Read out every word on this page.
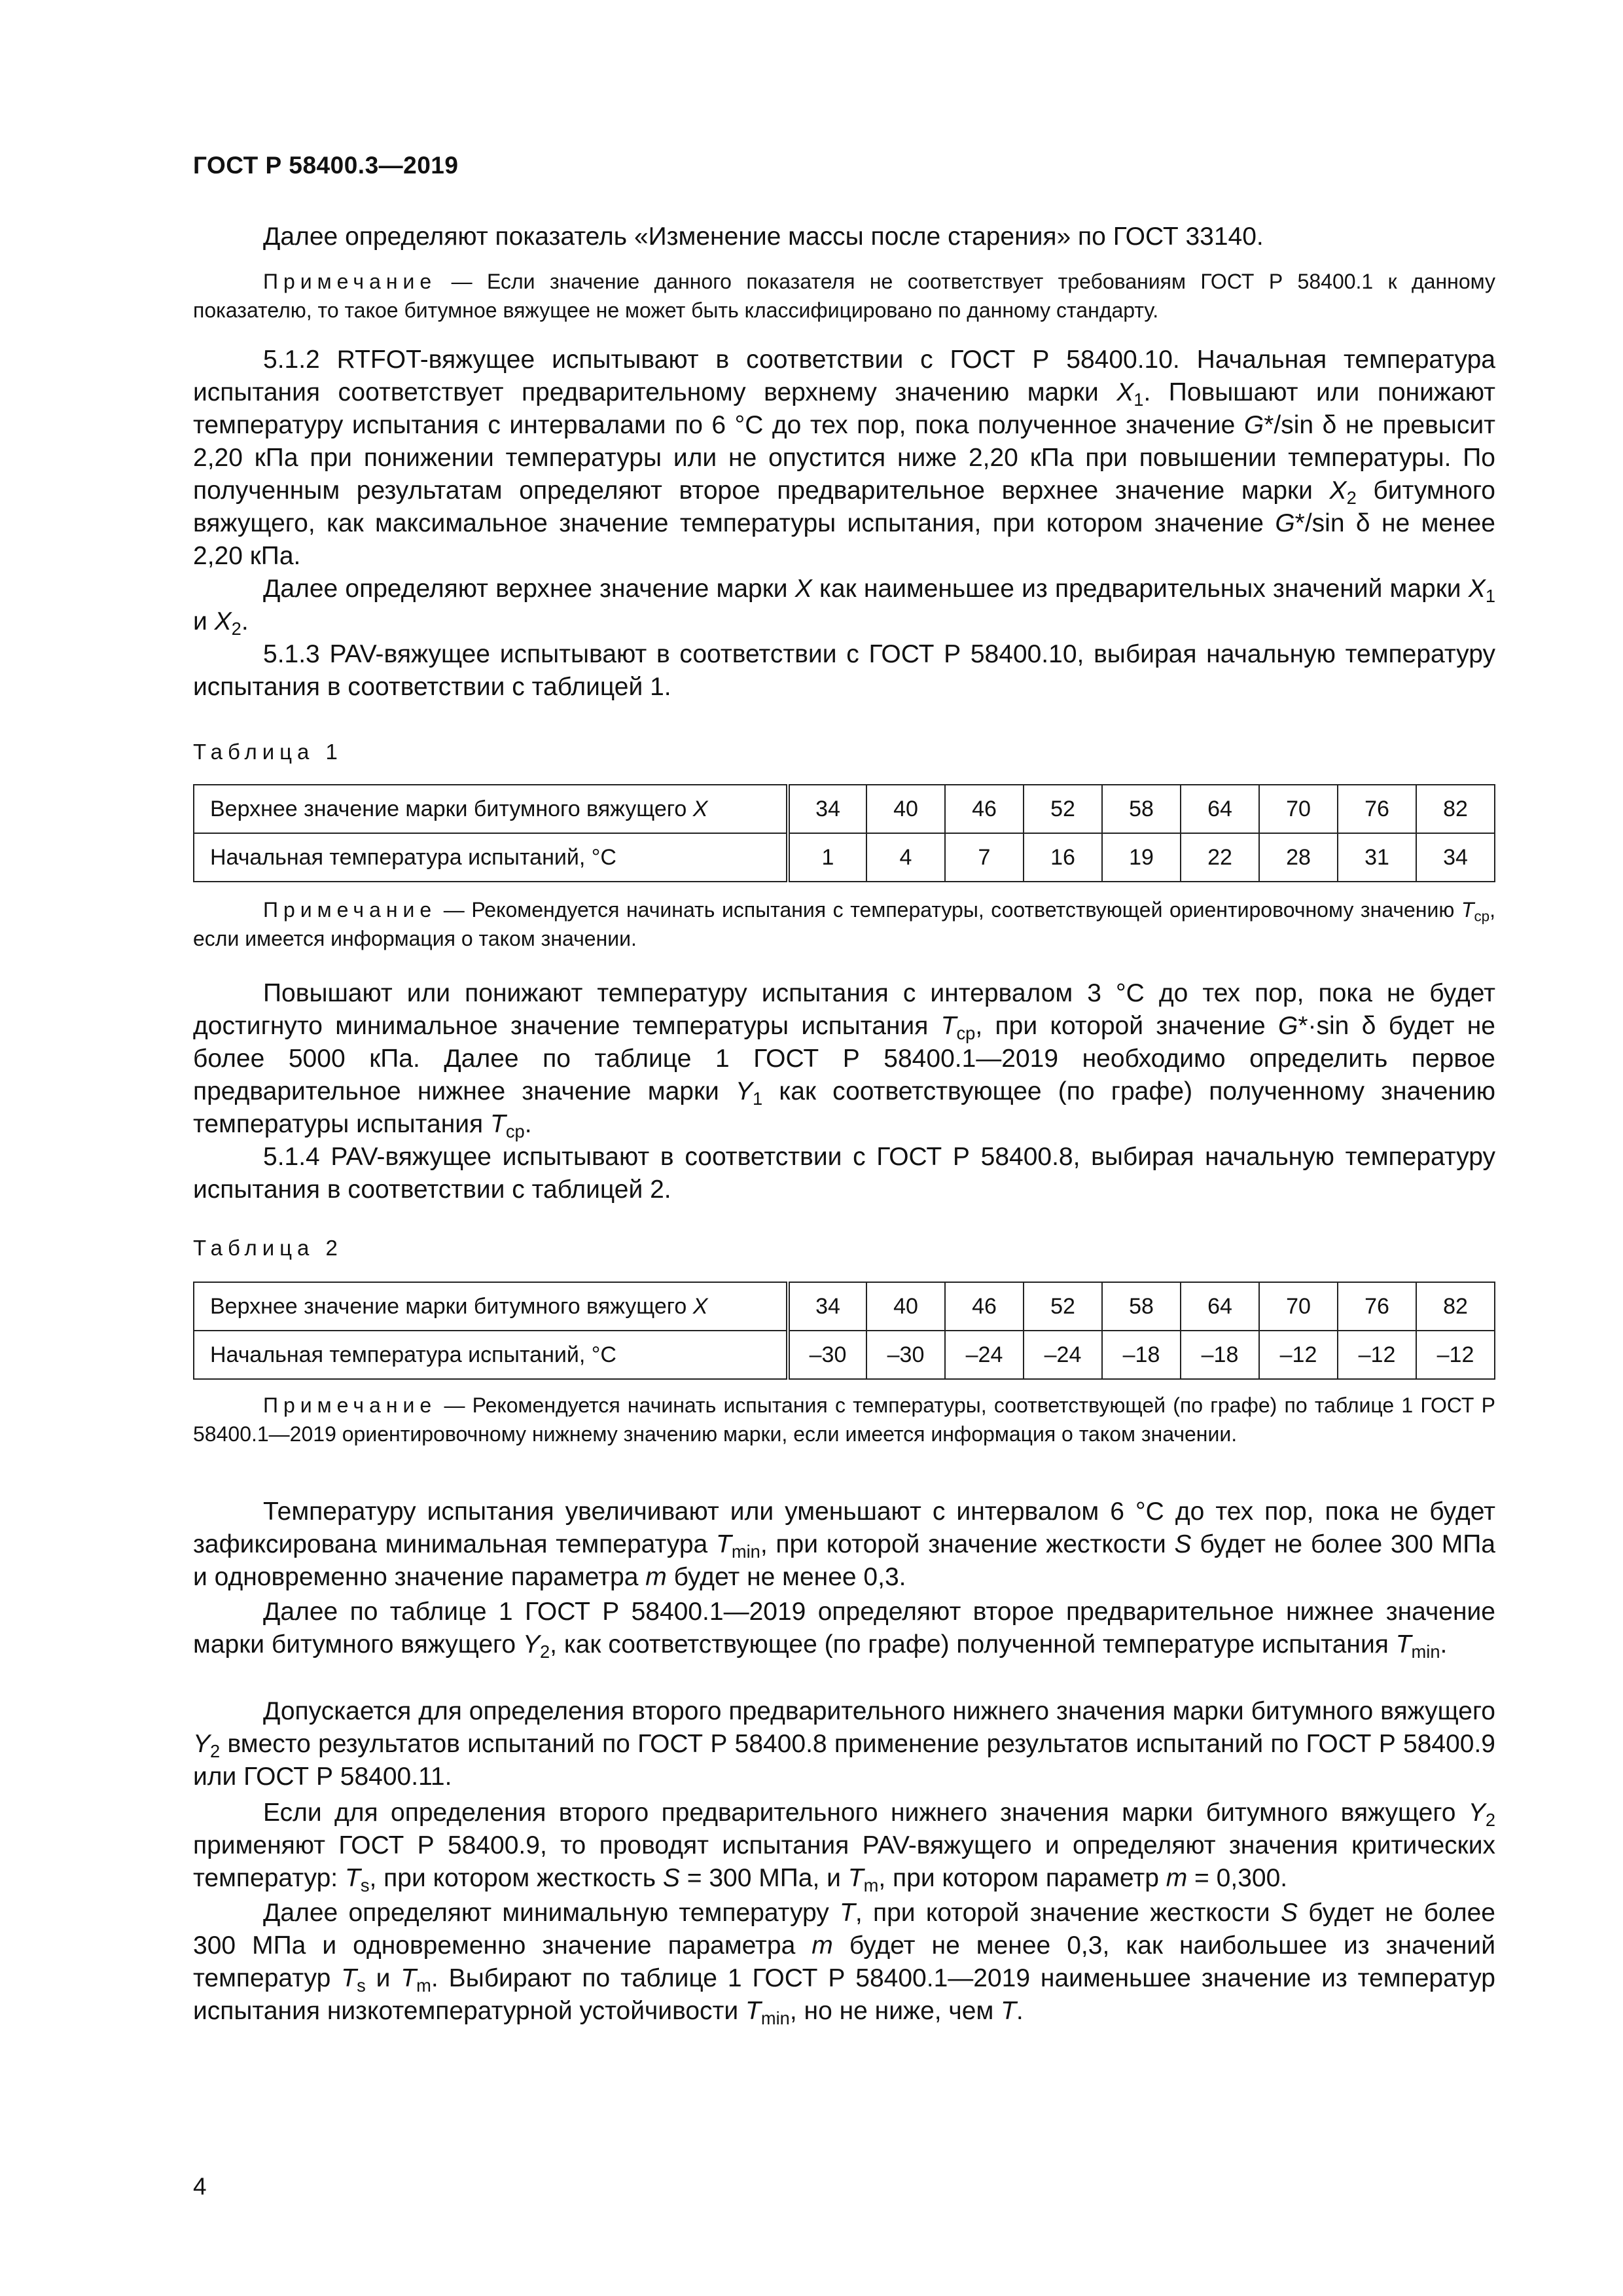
ГОСТ Р 58400.3—2019
Далее определяют показатель «Изменение массы после старения» по ГОСТ 33140.
Примечание — Если значение данного показателя не соответствует требованиям ГОСТ Р 58400.1 к данному показателю, то такое битумное вяжущее не может быть классифицировано по данному стандарту.
5.1.2 RTFOT-вяжущее испытывают в соответствии с ГОСТ Р 58400.10. Начальная температура испытания соответствует предварительному верхнему значению марки $X_1$. Повышают или понижают температуру испытания с интервалами по 6 °С до тех пор, пока полученное значение G*/sin δ не превысит 2,20 кПа при понижении температуры или не опустится ниже 2,20 кПа при повышении температуры. По полученным результатам определяют второе предварительное верхнее значение марки $X_2$ битумного вяжущего, как максимальное значение температуры испытания, при котором значение G*/sin δ не менее 2,20 кПа.
Далее определяют верхнее значение марки X как наименьшее из предварительных значений марки $X_1$ и $X_2$.
5.1.3 PAV-вяжущее испытывают в соответствии с ГОСТ Р 58400.10, выбирая начальную температуру испытания в соответствии с таблицей 1.
Таблица 1
Верхнее значение марки битумного вяжущего X	34	40	46	52	58	64	70	76	82
Начальная температура испытаний, °С	1	4	7	16	19	22	28	31	34
Примечание — Рекомендуется начинать испытания с температуры, соответствующей ориентировочному значению $T_{ср}$, если имеется информация о таком значении.
Повышают или понижают температуру испытания с интервалом 3 °С до тех пор, пока не будет достигнуто минимальное значение температуры испытания $T_{ср}$, при которой значение G*·sin δ будет не более 5000 кПа. Далее по таблице 1 ГОСТ Р 58400.1—2019 необходимо определить первое предварительное нижнее значение марки $Y_1$ как соответствующее (по графе) полученному значению температуры испытания $T_{ср}$.
5.1.4 PAV-вяжущее испытывают в соответствии с ГОСТ Р 58400.8, выбирая начальную температуру испытания в соответствии с таблицей 2.
Таблица 2
Верхнее значение марки битумного вяжущего X	34	40	46	52	58	64	70	76	82
Начальная температура испытаний, °С	–30	–30	–24	–24	–18	–18	–12	–12	–12
Примечание — Рекомендуется начинать испытания с температуры, соответствующей (по графе) по таблице 1 ГОСТ Р 58400.1—2019 ориентировочному нижнему значению марки, если имеется информация о таком значении.
Температуру испытания увеличивают или уменьшают с интервалом 6 °С до тех пор, пока не будет зафиксирована минимальная температура $T_{min}$, при которой значение жесткости S будет не более 300 МПа и одновременно значение параметра m будет не менее 0,3.
Далее по таблице 1 ГОСТ Р 58400.1—2019 определяют второе предварительное нижнее значение марки битумного вяжущего $Y_2$, как соответствующее (по графе) полученной температуре испытания $T_{min}$.
Допускается для определения второго предварительного нижнего значения марки битумного вяжущего $Y_2$ вместо результатов испытаний по ГОСТ Р 58400.8 применение результатов испытаний по ГОСТ Р 58400.9 или ГОСТ Р 58400.11.
Если для определения второго предварительного нижнего значения марки битумного вяжущего $Y_2$ применяют ГОСТ Р 58400.9, то проводят испытания PAV-вяжущего и определяют значения критических температур: $T_s$, при котором жесткость S = 300 МПа, и $T_m$, при котором параметр m = 0,300.
Далее определяют минимальную температуру T, при которой значение жесткости S будет не более 300 МПа и одновременно значение параметра m будет не менее 0,3, как наибольшее из значений температур $T_s$ и $T_m$. Выбирают по таблице 1 ГОСТ Р 58400.1—2019 наименьшее значение из температур испытания низкотемпературной устойчивости $T_{min}$, но не ниже, чем T.
4
